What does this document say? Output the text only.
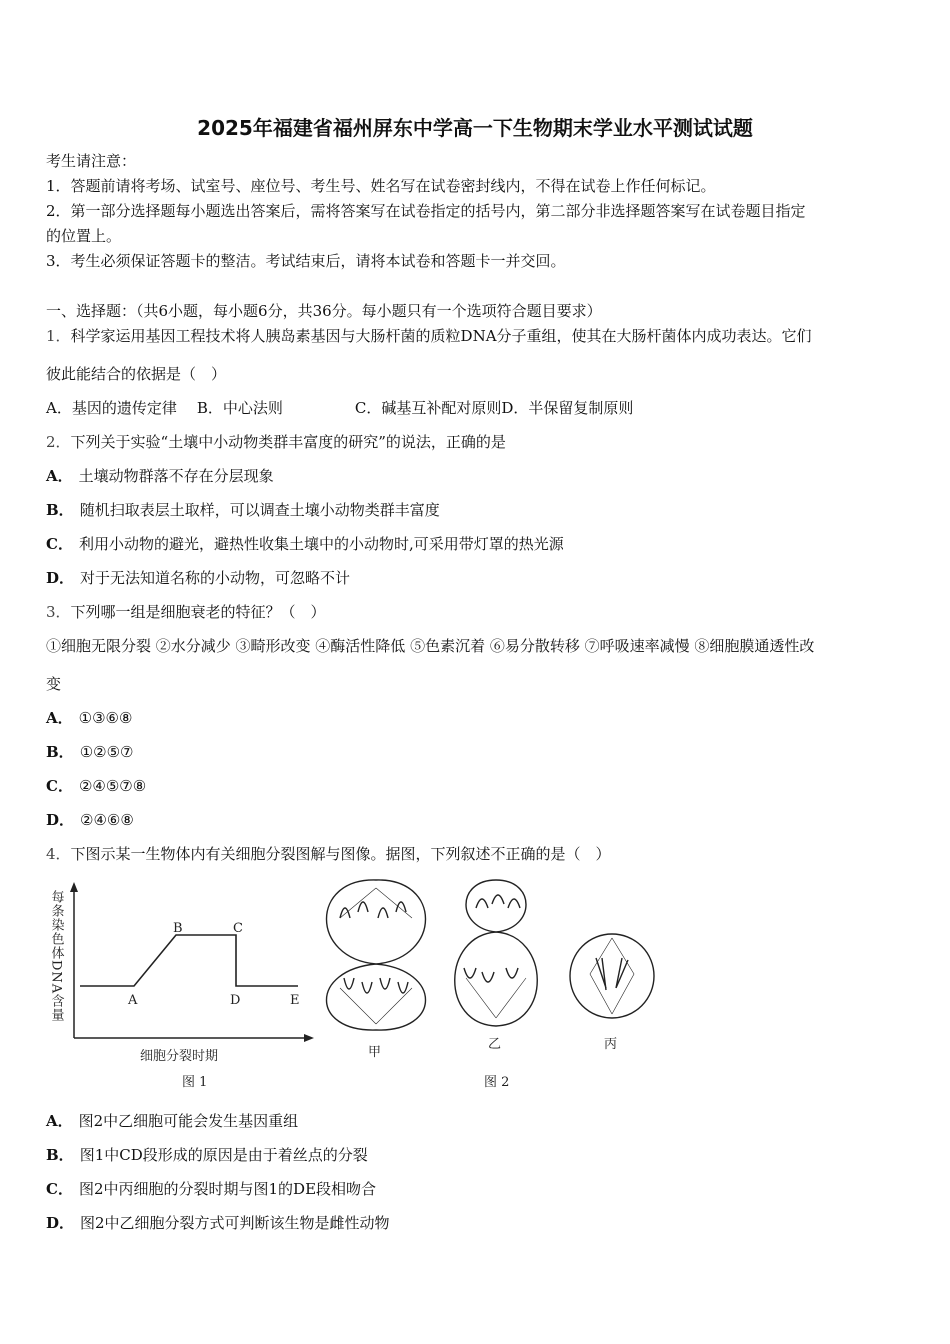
2025年福建省福州屏东中学高一下生物期末学业水平测试试题
考生请注意：
1．答题前请将考场、试室号、座位号、考生号、姓名写在试卷密封线内，不得在试卷上作任何标记。
2．第一部分选择题每小题选出答案后，需将答案写在试卷指定的括号内，第二部分非选择题答案写在试卷题目指定
的位置上。
3．考生必须保证答题卡的整洁。考试结束后，请将本试卷和答题卡一并交回。
一、选择题：（共6小题，每小题6分，共36分。每小题只有一个选项符合题目要求）
1．科学家运用基因工程技术将人胰岛素基因与大肠杆菌的质粒DNA分子重组，使其在大肠杆菌体内成功表达。它们
彼此能结合的依据是（　）
A．基因的遗传定律 B．中心法则	C．碱基互补配对原则D．半保留复制原则
2．下列关于实验“土壤中小动物类群丰富度的研究”的说法，正确的是
A． 土壤动物群落不存在分层现象
B． 随机扫取表层土取样，可以调查土壤小动物类群丰富度
C． 利用小动物的避光，避热性收集土壤中的小动物时,可采用带灯罩的热光源
D． 对于无法知道名称的小动物，可忽略不计
3．下列哪一组是细胞衰老的特征？（　）
①细胞无限分裂 ②水分减少 ③畸形改变 ④酶活性降低 ⑤色素沉着 ⑥易分散转移 ⑦呼吸速率减慢 ⑧细胞膜通透性改
变
A． ①③⑥⑧
B． ①②⑤⑦
C． ②④⑤⑦⑧
D． ②④⑥⑧
4．下图示某一生物体内有关细胞分裂图解与图像。据图，下列叙述不正确的是（　）
每条染色体DNA含量	A
B	C
D	E
细胞分裂时期
图 1
甲
乙	丙
图 2
A． 图2中乙细胞可能会发生基因重组
B． 图1中CD段形成的原因是由于着丝点的分裂
C． 图2中丙细胞的分裂时期与图1的DE段相吻合
D． 图2中乙细胞分裂方式可判断该生物是雌性动物
